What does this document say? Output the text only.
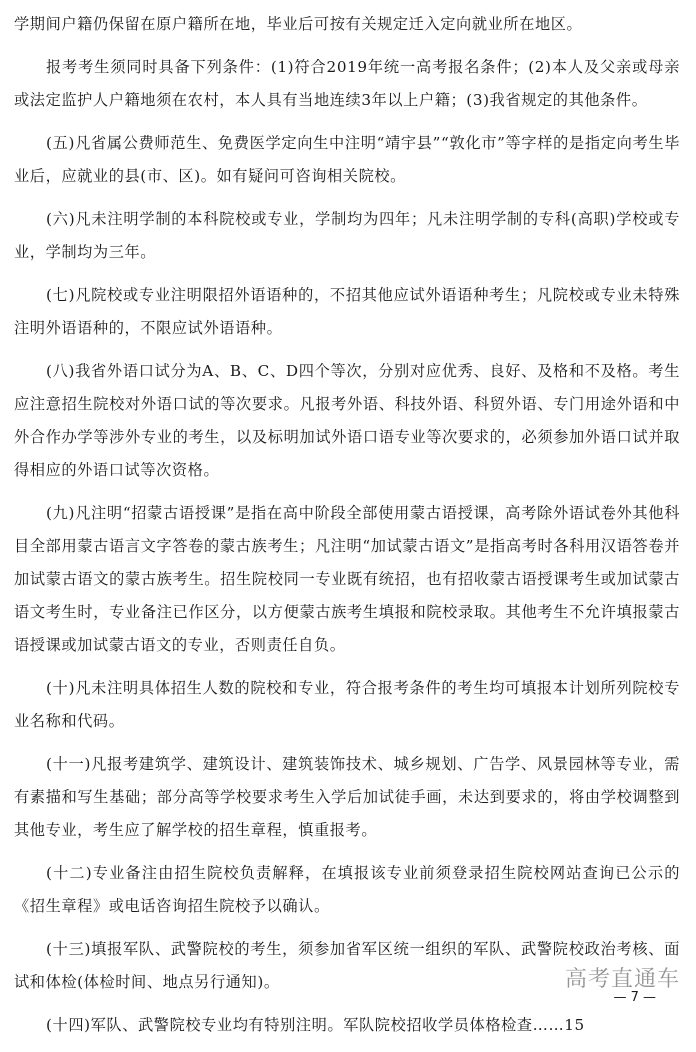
学期间户籍仍保留在原户籍所在地，毕业后可按有关规定迁入定向就业所在地区。

报考考生须同时具备下列条件：(1)符合2019年统一高考报名条件；(2)本人及父亲或母亲或法定监护人户籍地须在农村，本人具有当地连续3年以上户籍；(3)我省规定的其他条件。

(五)凡省属公费师范生、免费医学定向生中注明“靖宇县”“敦化市”等字样的是指定向考生毕业后，应就业的县(市、区)。如有疑问可咨询相关院校。

(六)凡未注明学制的本科院校或专业，学制均为四年；凡未注明学制的专科(高职)学校或专业，学制均为三年。

(七)凡院校或专业注明限招外语语种的，不招其他应试外语语种考生；凡院校或专业未特殊注明外语语种的，不限应试外语语种。

(八)我省外语口试分为A、B、C、D四个等次，分别对应优秀、良好、及格和不及格。考生应注意招生院校对外语口试的等次要求。凡报考外语、科技外语、科贸外语、专门用途外语和中外合作办学等涉外专业的考生，以及标明加试外语口语专业等次要求的，必须参加外语口试并取得相应的外语口试等次资格。

(九)凡注明“招蒙古语授课”是指在高中阶段全部使用蒙古语授课，高考除外语试卷外其他科目全部用蒙古语言文字答卷的蒙古族考生；凡注明“加试蒙古语文”是指高考时各科用汉语答卷并加试蒙古语文的蒙古族考生。招生院校同一专业既有统招，也有招收蒙古语授课考生或加试蒙古语文考生时，专业备注已作区分，以方便蒙古族考生填报和院校录取。其他考生不允许填报蒙古语授课或加试蒙古语文的专业，否则责任自负。

(十)凡未注明具体招生人数的院校和专业，符合报考条件的考生均可填报本计划所列院校专业名称和代码。

(十一)凡报考建筑学、建筑设计、建筑装饰技术、城乡规划、广告学、风景园林等专业，需有素描和写生基础；部分高等学校要求考生入学后加试徒手画，未达到要求的，将由学校调整到其他专业，考生应了解学校的招生章程，慎重报考。

(十二)专业备注由招生院校负责解释，在填报该专业前须登录招生院校网站查询已公示的《招生章程》或电话咨询招生院校予以确认。

(十三)填报军队、武警院校的考生，须参加省军区统一组织的军队、武警院校政治考核、面试和体检(体检时间、地点另行通知)。

(十四)军队、武警院校专业均有特别注明。军队院校招收学员体格检查……15

高考直通车
— 7 —
